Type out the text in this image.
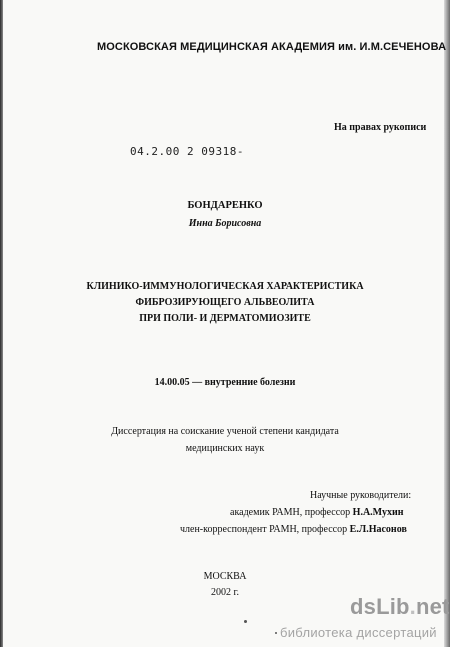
МОСКОВСКАЯ МЕДИЦИНСКАЯ АКАДЕМИЯ им. И.М.СЕЧЕНОВА
На правах рукописи
04.2.00 2 09318-
БОНДАРЕНКО
Инна Борисовна
КЛИНИКО-ИММУНОЛОГИЧЕСКАЯ ХАРАКТЕРИСТИКА
ФИБРОЗИРУЮЩЕГО АЛЬВЕОЛИТА
ПРИ ПОЛИ- И ДЕРМАТОМИОЗИТЕ
14.00.05 — внутренние болезни
Диссертация на соискание ученой степени кандидата
медицинских наук
Научные руководители:
академик РАМН, профессор Н.А.Мухин
член-корреспондент РАМН, профессор Е.Л.Насонов
МОСКВА
2002 г.
dsLib.net
библиотека диссертаций
